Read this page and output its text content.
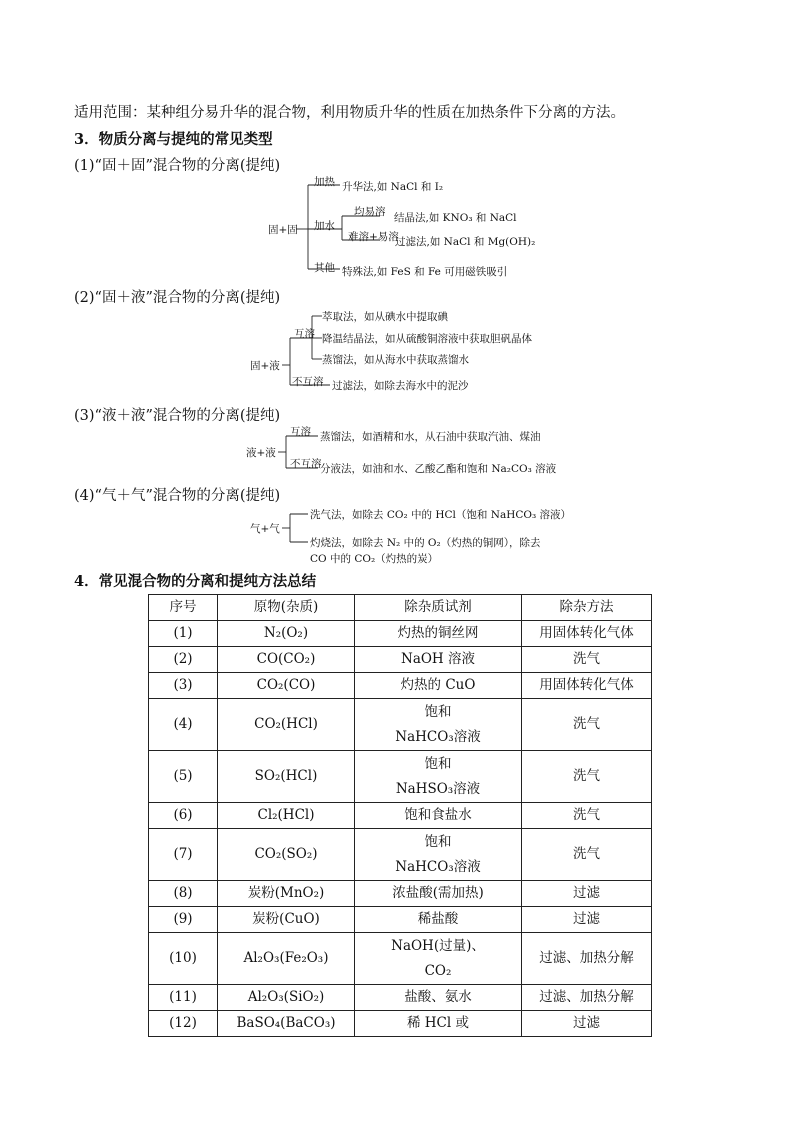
适用范围：某种组分易升华的混合物，利用物质升华的性质在加热条件下分离的方法。
3．物质分离与提纯的常见类型
(1)“固＋固”混合物的分离(提纯)
固+固
加热 升华法,如 NaCl 和 I₂
加水
均易溶 结晶法,如 KNO₃ 和 NaCl
难溶+易溶
过滤法,如 NaCl 和 Mg(OH)₂
其他 特殊法,如 FeS 和 Fe 可用磁铁吸引
(2)“固＋液”混合物的分离(提纯)
固+液
互溶
萃取法，如从碘水中提取碘
降温结晶法，如从硫酸铜溶液中获取胆矾晶体
蒸馏法，如从海水中获取蒸馏水
不互溶 过滤法，如除去海水中的泥沙
(3)“液＋液”混合物的分离(提纯)
液+液
互溶 蒸馏法，如酒精和水，从石油中获取汽油、煤油
不互溶
分液法，如油和水、乙酸乙酯和饱和 Na₂CO₃ 溶液
(4)“气＋气”混合物的分离(提纯)
气+气
洗气法，如除去 CO₂ 中的 HCl（饱和 NaHCO₃ 溶液）
灼烧法，如除去 N₂ 中的 O₂（灼热的铜网），除去
CO 中的 CO₂（灼热的炭）
4．常见混合物的分离和提纯方法总结
序号	原物(杂质)	除杂质试剂	除杂方法
(1)	N₂(O₂)	灼热的铜丝网	用固体转化气体
(2)	CO(CO₂)	NaOH 溶液	洗气
(3)	CO₂(CO)	灼热的 CuO	用固体转化气体
(4)	CO₂(HCl)	饱和
NaHCO₃溶液	洗气
(5)	SO₂(HCl)	饱和
NaHSO₃溶液	洗气
(6)	Cl₂(HCl)	饱和食盐水	洗气
(7)	CO₂(SO₂)	饱和
NaHCO₃溶液	洗气
(8)	炭粉(MnO₂)	浓盐酸(需加热)	过滤
(9)	炭粉(CuO)	稀盐酸	过滤
(10)	Al₂O₃(Fe₂O₃)	NaOH(过量)、
CO₂	过滤、加热分解
(11)	Al₂O₃(SiO₂)	盐酸、氨水	过滤、加热分解
(12)	BaSO₄(BaCO₃)	稀 HCl 或	过滤
